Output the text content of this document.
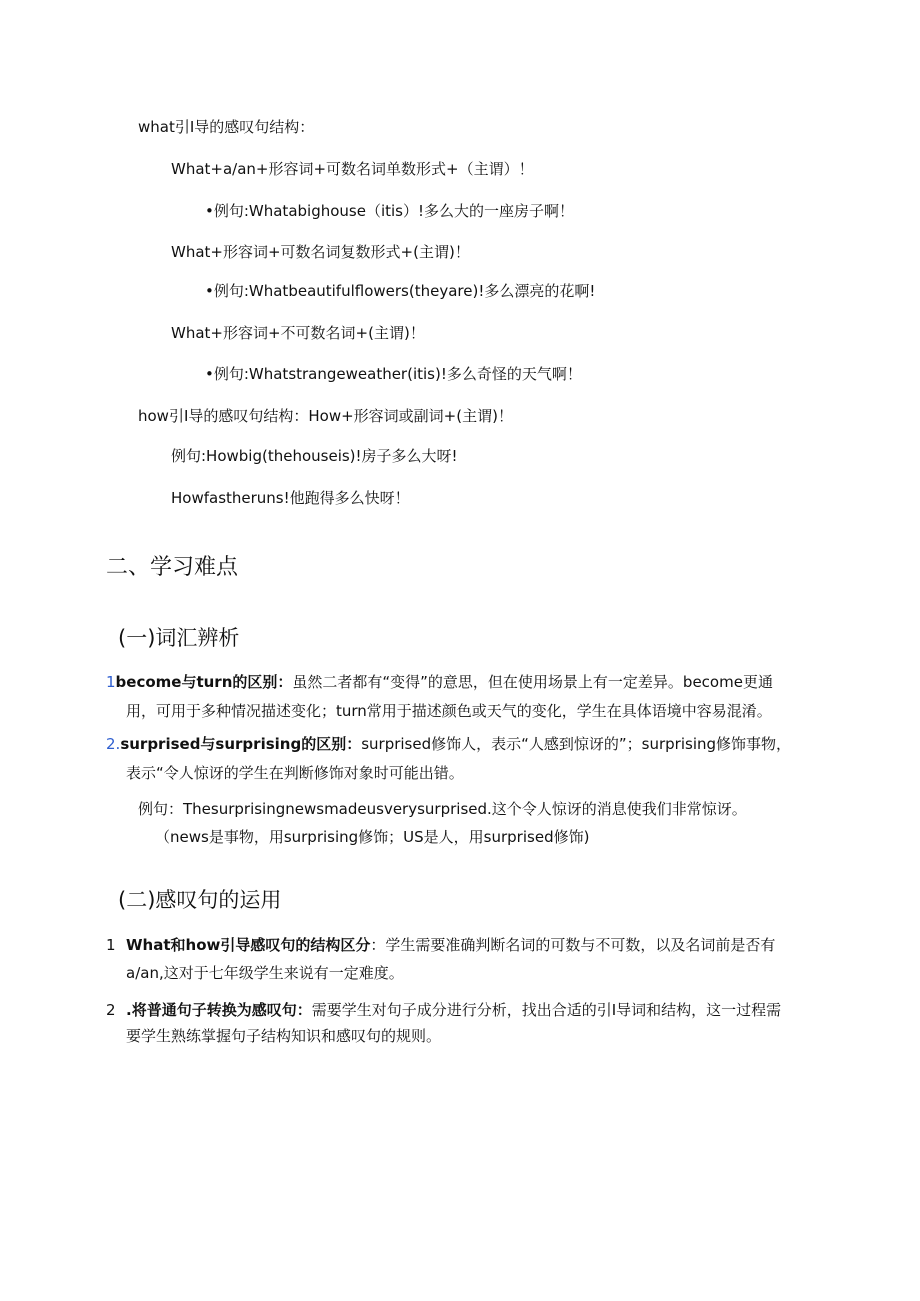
what引I导的感叹句结构：
What+a∕an+形容词+可数名词单数形式+（主谓）！
•例句:Whatabighouse（itis）!多么大的一座房子啊！
What+形容词+可数名词复数形式+(主谓)！
•例句:Whatbeautifulflowers(theyare)!多么漂亮的花啊!
What+形容词+不可数名词+(主谓)！
•例句:Whatstrangeweather(itis)!多么奇怪的天气啊！
how引I导的感叹句结构：How+形容词或副词+(主谓)！
例句:Howbig(thehouseis)!房子多么大呀!
Howfastheruns!他跑得多么快呀！
二、学习难点
(一)词汇辨析
1become与turn的区别：虽然二者都有“变得”的意思，但在使用场景上有一定差异。become更通
用，可用于多种情况描述变化；turn常用于描述颜色或天气的变化，学生在具体语境中容易混淆。
2.surprised与surprising的区别：surprised修饰人，表示“人感到惊讶的”；surprising修饰事物，
表示“令人惊讶的学生在判断修饰对象时可能出错。
例句：Thesurprisingnewsmadeusverysurprised.这个令人惊讶的消息使我们非常惊讶。
（news是事物，用surprising修饰；US是人，用surprised修饰)
(二)感叹句的运用
1 What和how引导感叹句的结构区分：学生需要准确判断名词的可数与不可数，以及名词前是否有
a∕an,这对于七年级学生来说有一定难度。
2 .将普通句子转换为感叹句：需要学生对句子成分进行分析，找出合适的引I导词和结构，这一过程需
要学生熟练掌握句子结构知识和感叹句的规则。
